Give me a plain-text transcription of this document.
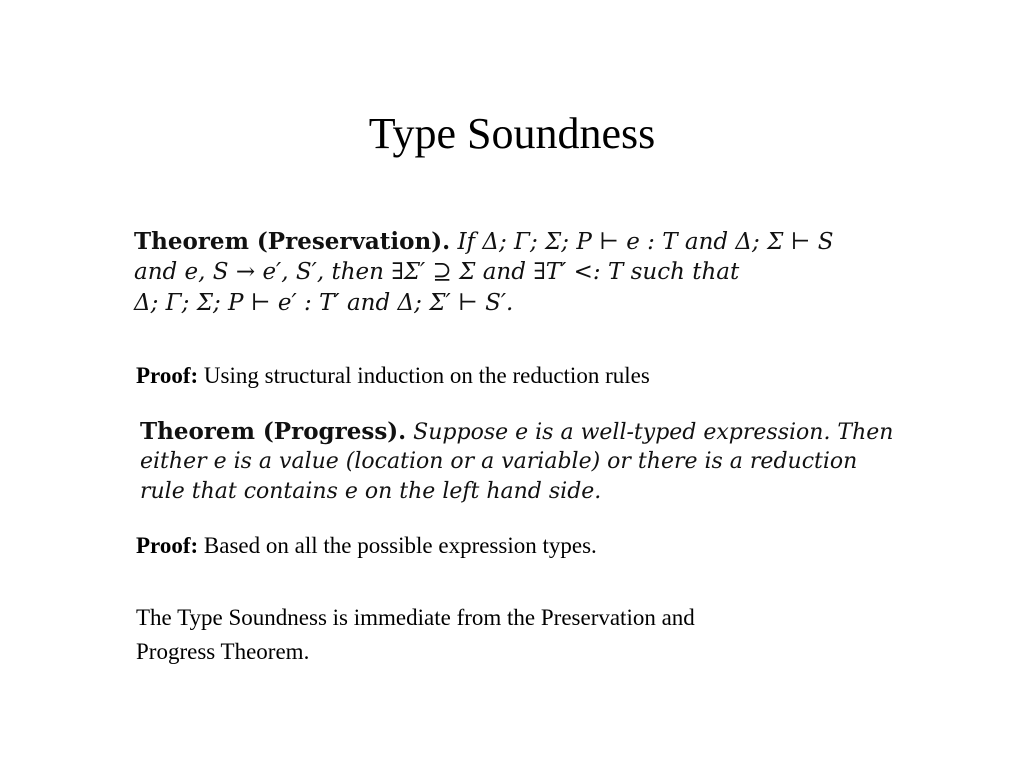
Type Soundness
Theorem (Preservation). If Δ; Γ; Σ; P ⊢ e : T and Δ; Σ ⊢ S
and e, S → e′, S′, then ∃Σ′ ⊇ Σ and ∃T′ <: T such that
Δ; Γ; Σ; P ⊢ e′ : T′ and Δ; Σ′ ⊢ S′.
Proof: Using structural induction on the reduction rules
Theorem (Progress). Suppose e is a well-typed expression. Then
either e is a value (location or a variable) or there is a reduction
rule that contains e on the left hand side.
Proof: Based on all the possible expression types.
The Type Soundness is immediate from the Preservation and
Progress Theorem.
